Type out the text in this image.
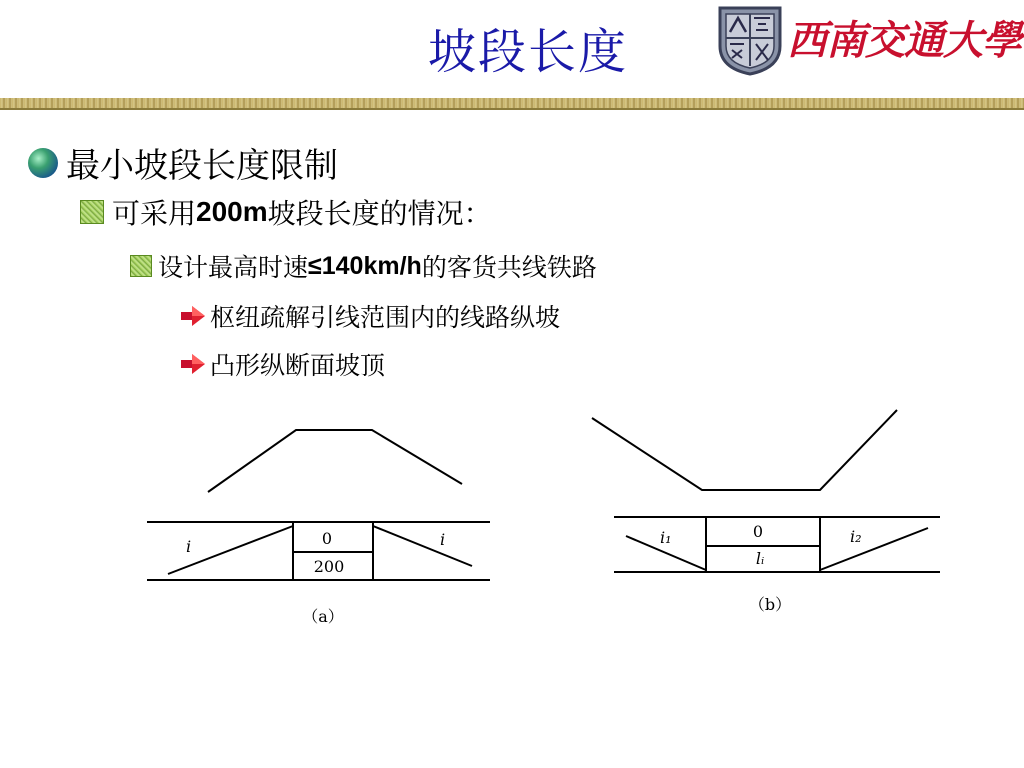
坡段长度	西南交通大學
最小坡段长度限制
可采用 200m 坡段长度的情况：
设计最高时速 ≤140km/h 的客货共线铁路
枢纽疏解引线范围内的线路纵坡
凸形纵断面坡顶
i	i
0
200
（a）
i₁	i₂
0
lᵢ
（b）
